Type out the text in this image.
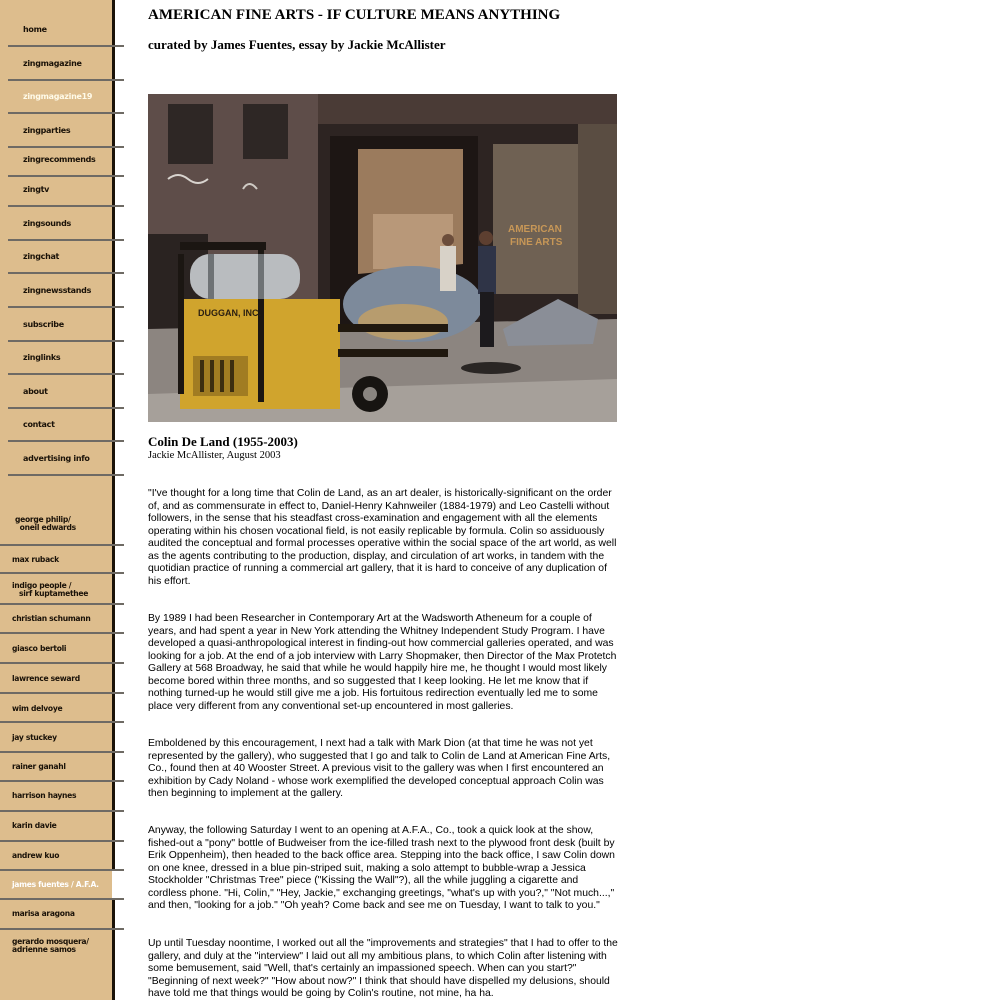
home
zingmagazine
zingmagazine19
zingparties
zingrecommends
zingtv
zingsounds
zingchat
zingnewsstands
subscribe
zinglinks
about
contact
advertising info
george philip/
oneil edwards
max ruback
indigo people /
sirf kuptamethee
christian schumann
giasco bertoli
lawrence seward
wim delvoye
jay stuckey
rainer ganahl
harrison haynes
karin davie
andrew kuo
james fuentes / A.F.A.
marisa aragona
gerardo mosquera/
adrienne samos
AMERICAN FINE ARTS - IF CULTURE MEANS ANYTHING
curated by James Fuentes, essay by Jackie McAllister
AMERICAN
FINE ARTS
DUGGAN, INC.

Colin De Land (1955-2003)

Jackie McAllister, August 2003

"I've thought for a long time that Colin de Land, as an art dealer, is historically-significant on the order of, and as commensurate in effect to, Daniel-Henry Kahnweiler (1884-1979) and Leo Castelli without followers, in the sense that his steadfast cross-examination and engagement with all the elements operating within his chosen vocational field, is not easily replicable by formula. Colin so assiduously audited the conceptual and formal processes operative within the social space of the art world, as well as the agents contributing to the production, display, and circulation of art works, in tandem with the quotidian practice of running a commercial art gallery, that it is hard to conceive of any duplication of his effort.

By 1989 I had been Researcher in Contemporary Art at the Wadsworth Atheneum for a couple of years, and had spent a year in New York attending the Whitney Independent Study Program. I have developed a quasi-anthropological interest in finding-out how commercial galleries operated, and was looking for a job. At the end of a job interview with Larry Shopmaker, then Director of the Max Protetch Gallery at 568 Broadway, he said that while he would happily hire me, he thought I would most likely become bored within three months, and so suggested that I keep looking. He let me know that if nothing turned-up he would still give me a job. His fortuitous redirection eventually led me to some place very different from any conventional set-up encountered in most galleries.

Emboldened by this encouragement, I next had a talk with Mark Dion (at that time he was not yet represented by the gallery), who suggested that I go and talk to Colin de Land at American Fine Arts, Co., found then at 40 Wooster Street. A previous visit to the gallery was when I first encountered an exhibition by Cady Noland - whose work exemplified the developed conceptual approach Colin was then beginning to implement at the gallery.

Anyway, the following Saturday I went to an opening at A.F.A., Co., took a quick look at the show, fished-out a "pony" bottle of Budweiser from the ice-filled trash next to the plywood front desk (built by Erik Oppenheim), then headed to the back office area. Stepping into the back office, I saw Colin down on one knee, dressed in a blue pin-striped suit, making a solo attempt to bubble-wrap a Jessica Stockholder "Christmas Tree" piece ("Kissing the Wall"?), all the while juggling a cigarette and cordless phone. "Hi, Colin," "Hey, Jackie," exchanging greetings, "what's up with you?," "Not much...," and then, "looking for a job." "Oh yeah? Come back and see me on Tuesday, I want to talk to you."

Up until Tuesday noontime, I worked out all the "improvements and strategies" that I had to offer to the gallery, and duly at the "interview" I laid out all my ambitious plans, to which Colin after listening with some bemusement, said "Well, that's certainly an impassioned speech. When can you start?" "Beginning of next week?" "How about now?" I think that should have dispelled my delusions, should have told me that things would be going by Colin's routine, not mine, ha ha.
